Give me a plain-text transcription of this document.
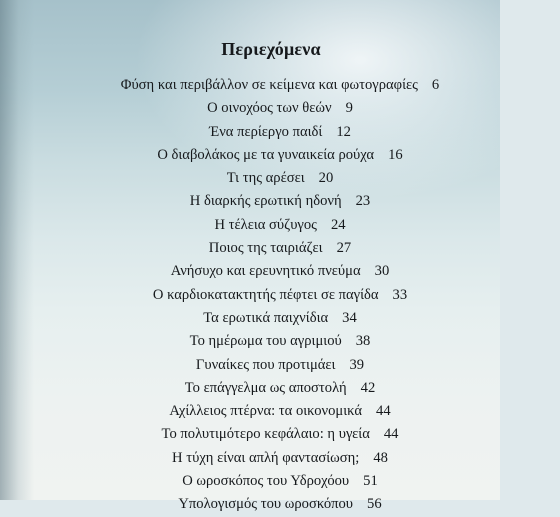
Περιεχόμενα
Φύση και περιβάλλον σε κείμενα και φωτογραφίες 6
Ο οινοχόος των θεών 9
Ένα περίεργο παιδί 12
Ο διαβολάκος με τα γυναικεία ρούχα 16
Τι της αρέσει 20
Η διαρκής ερωτική ηδονή 23
Η τέλεια σύζυγος 24
Ποιος της ταιριάζει 27
Ανήσυχο και ερευνητικό πνεύμα 30
Ο καρδιοκατακτητής πέφτει σε παγίδα 33
Τα ερωτικά παιχνίδια 34
Το ημέρωμα του αγριμιού 38
Γυναίκες που προτιμάει 39
Το επάγγελμα ως αποστολή 42
Αχίλλειος πτέρνα: τα οικονομικά 44
Το πολυτιμότερο κεφάλαιο: η υγεία 44
Η τύχη είναι απλή φαντασίωση; 48
Ο ωροσκόπος του Υδροχόου 51
Υπολογισμός του ωροσκόπου 56
